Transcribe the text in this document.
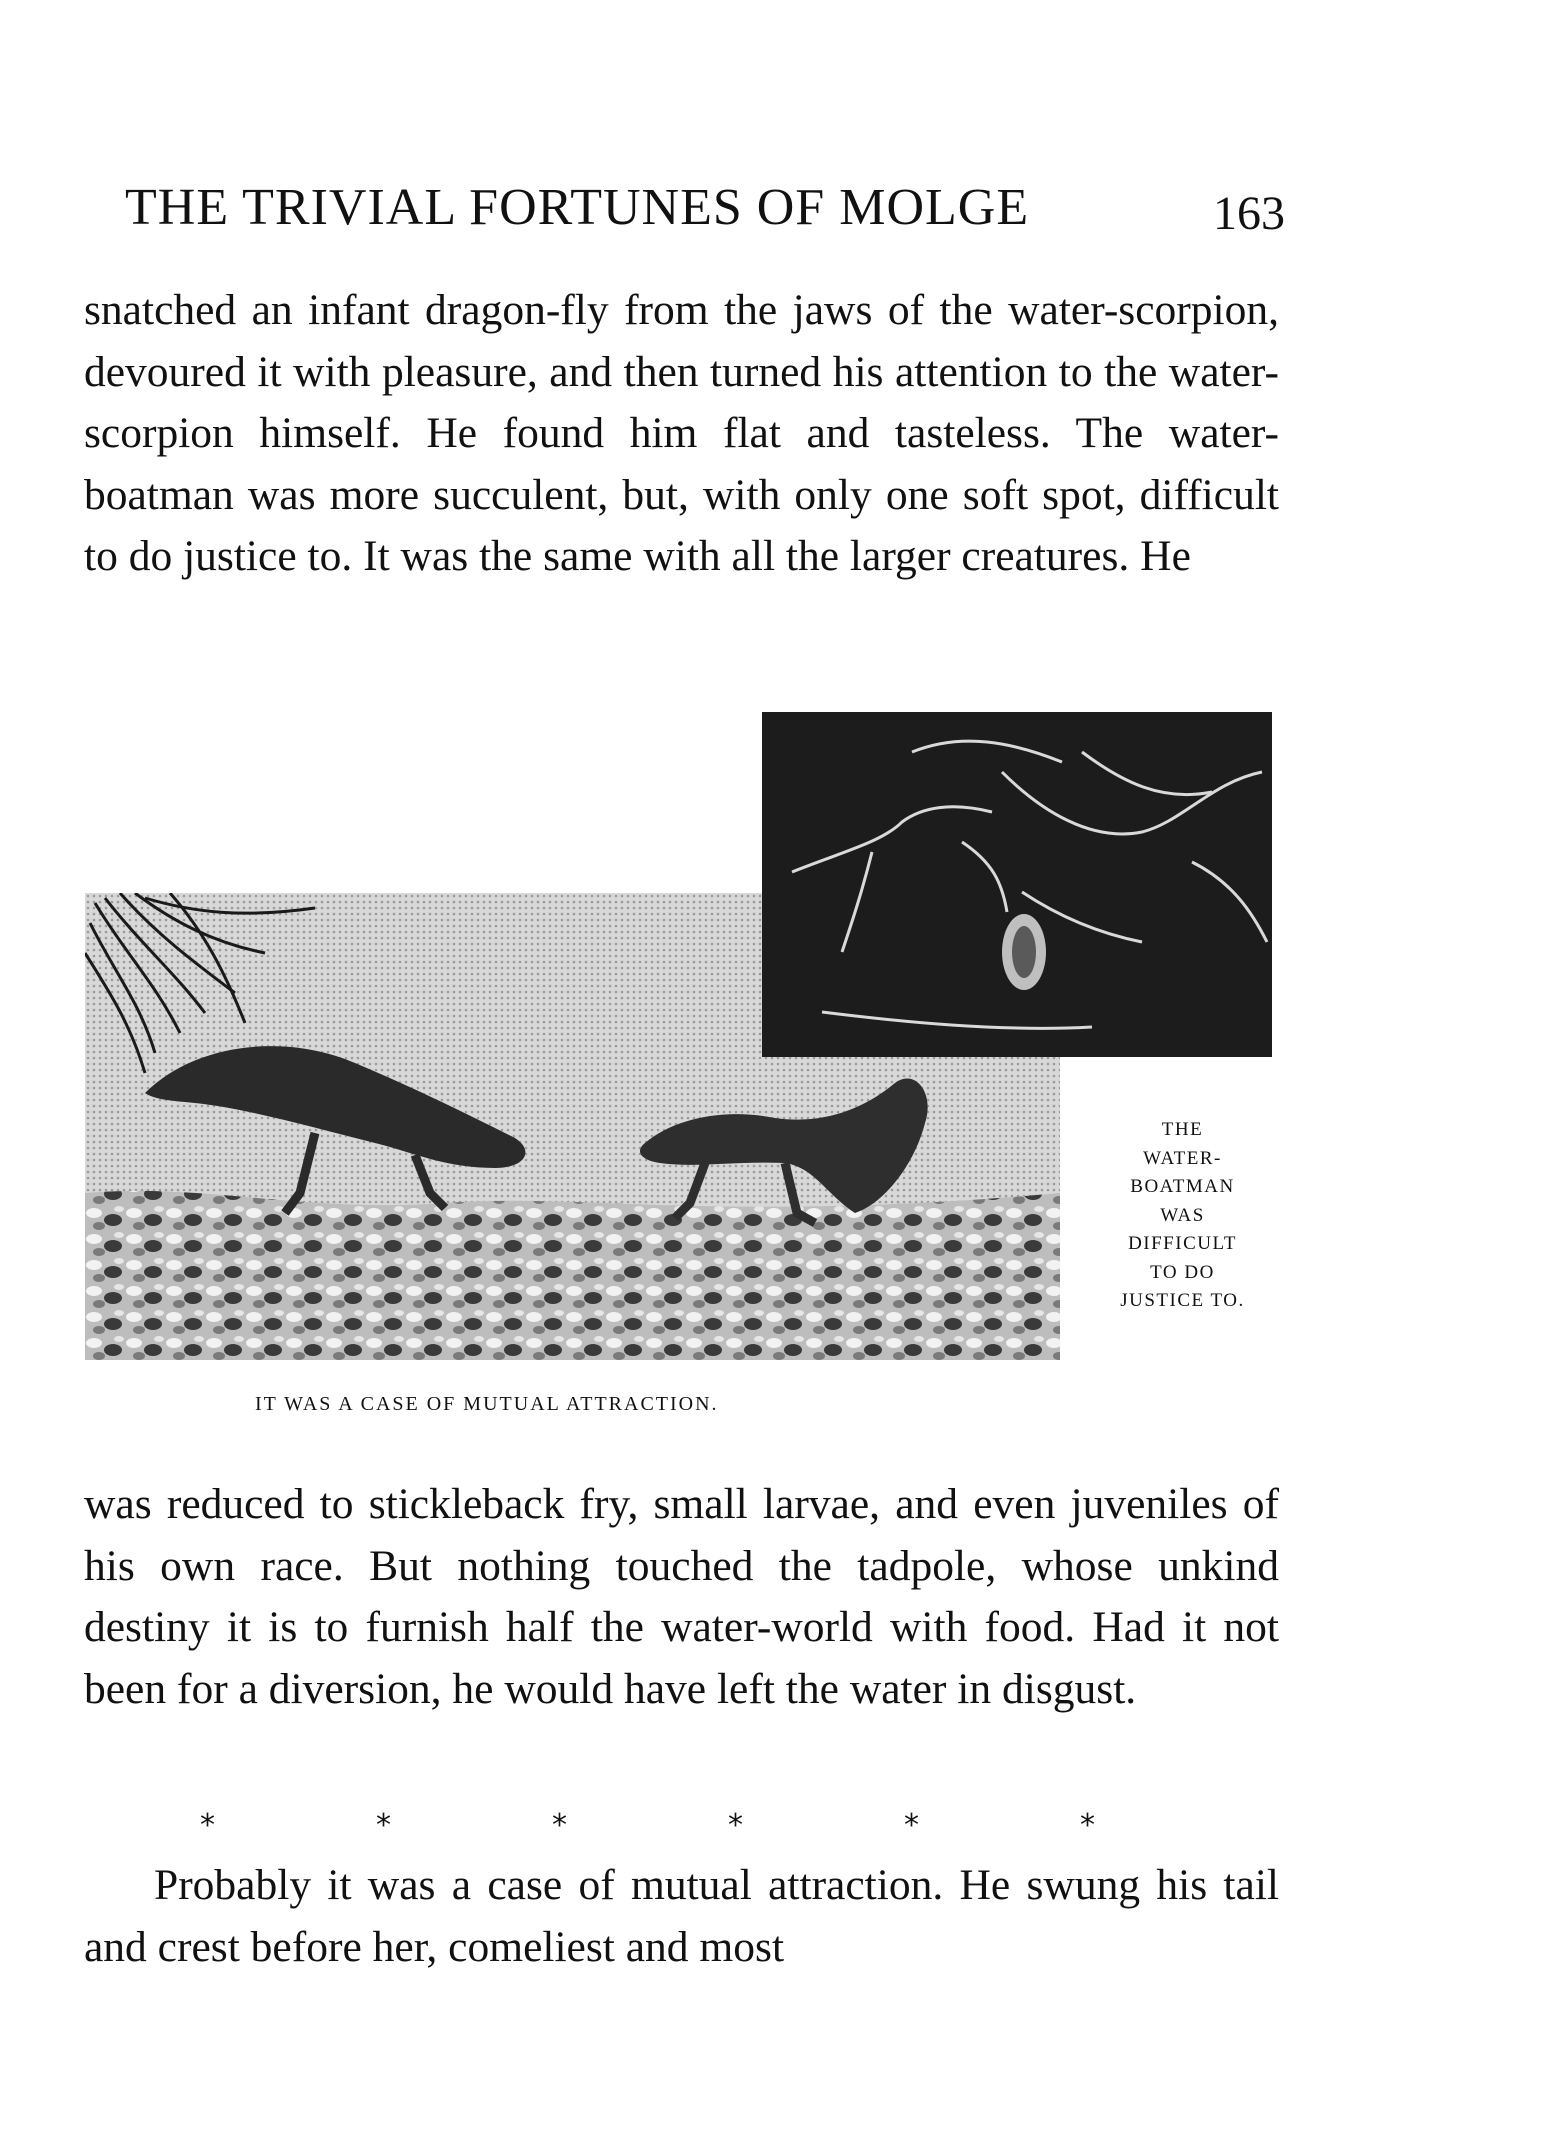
THE TRIVIAL FORTUNES OF MOLGE	163

snatched an infant dragon-fly from the jaws of the water-scorpion, devoured it with pleasure, and then turned his attention to the water-scorpion himself. He found him flat and tasteless. The water-boatman was more succulent, but, with only one soft spot, difficult to do justice to. It was the same with all the larger creatures. He

THE
WATER-
BOATMAN
WAS
DIFFICULT
TO DO
JUSTICE TO.
IT WAS A CASE OF MUTUAL ATTRACTION.

was reduced to stickleback fry, small larvae, and even juveniles of his own race. But nothing touched the tadpole, whose unkind destiny it is to furnish half the water-world with food. Had it not been for a diversion, he would have left the water in disgust.

*	*	*	*	*	*

Probably it was a case of mutual attraction. He swung his tail and crest before her, comeliest and most
